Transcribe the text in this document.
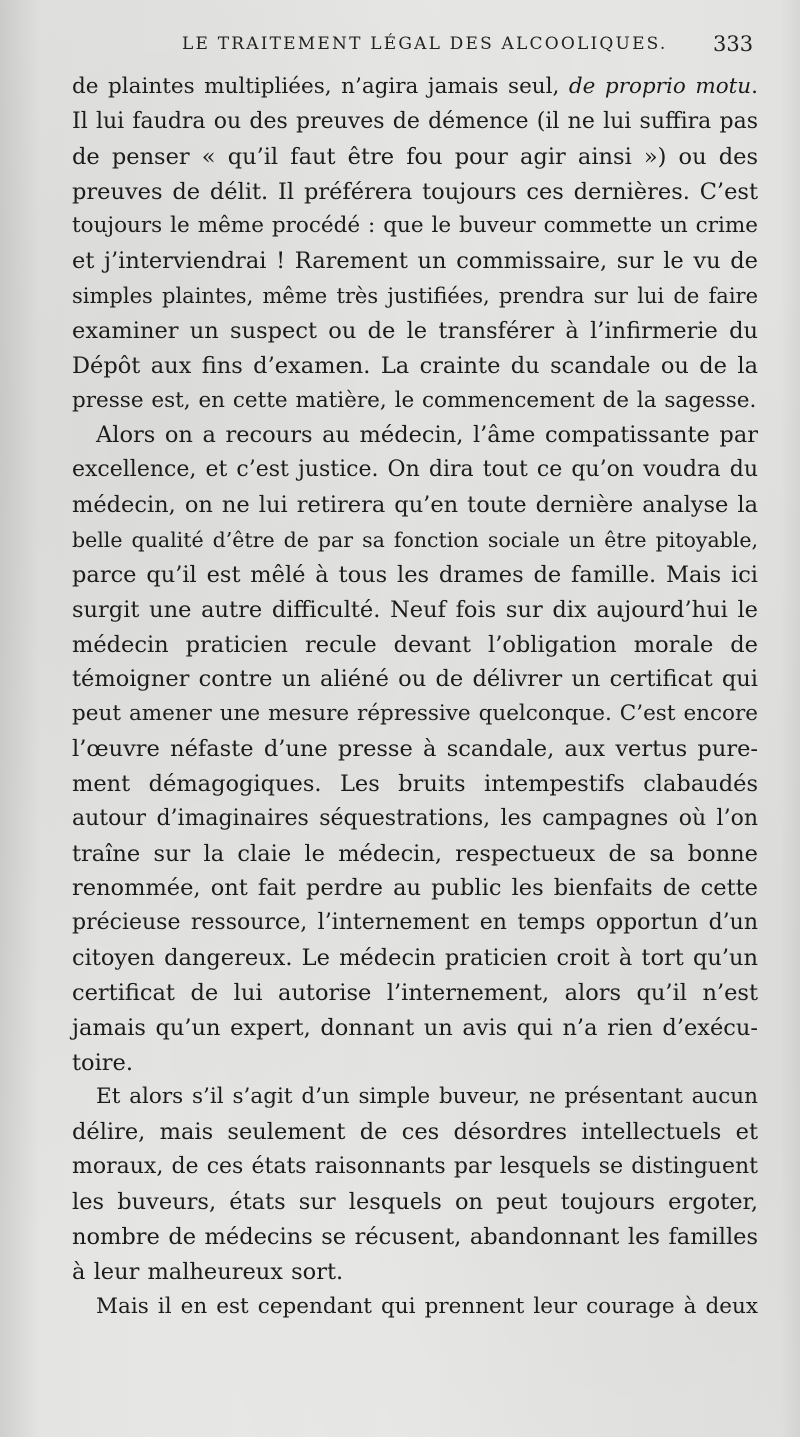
LE TRAITEMENT LÉGAL DES ALCOOLIQUES. 333
de plaintes multipliées, n’agira jamais seul, de proprio motu.
Il lui faudra ou des preuves de démence (il ne lui suffira pas
de penser « qu’il faut être fou pour agir ainsi ») ou des
preuves de délit. Il préférera toujours ces dernières. C’est
toujours le même procédé : que le buveur commette un crime
et j’interviendrai ! Rarement un commissaire, sur le vu de
simples plaintes, même très justifiées, prendra sur lui de faire
examiner un suspect ou de le transférer à l’infirmerie du
Dépôt aux fins d’examen. La crainte du scandale ou de la
presse est, en cette matière, le commencement de la sagesse.
Alors on a recours au médecin, l’âme compatissante par
excellence, et c’est justice. On dira tout ce qu’on voudra du
médecin, on ne lui retirera qu’en toute dernière analyse la
belle qualité d’être de par sa fonction sociale un être pitoyable,
parce qu’il est mêlé à tous les drames de famille. Mais ici
surgit une autre difficulté. Neuf fois sur dix aujourd’hui le
médecin praticien recule devant l’obligation morale de
témoigner contre un aliéné ou de délivrer un certificat qui
peut amener une mesure répressive quelconque. C’est encore
l’œuvre néfaste d’une presse à scandale, aux vertus pure-
ment démagogiques. Les bruits intempestifs clabaudés
autour d’imaginaires séquestrations, les campagnes où l’on
traîne sur la claie le médecin, respectueux de sa bonne
renommée, ont fait perdre au public les bienfaits de cette
précieuse ressource, l’internement en temps opportun d’un
citoyen dangereux. Le médecin praticien croit à tort qu’un
certificat de lui autorise l’internement, alors qu’il n’est
jamais qu’un expert, donnant un avis qui n’a rien d’exécu-
toire.
Et alors s’il s’agit d’un simple buveur, ne présentant aucun
délire, mais seulement de ces désordres intellectuels et
moraux, de ces états raisonnants par lesquels se distinguent
les buveurs, états sur lesquels on peut toujours ergoter,
nombre de médecins se récusent, abandonnant les familles
à leur malheureux sort.
Mais il en est cependant qui prennent leur courage à deux
